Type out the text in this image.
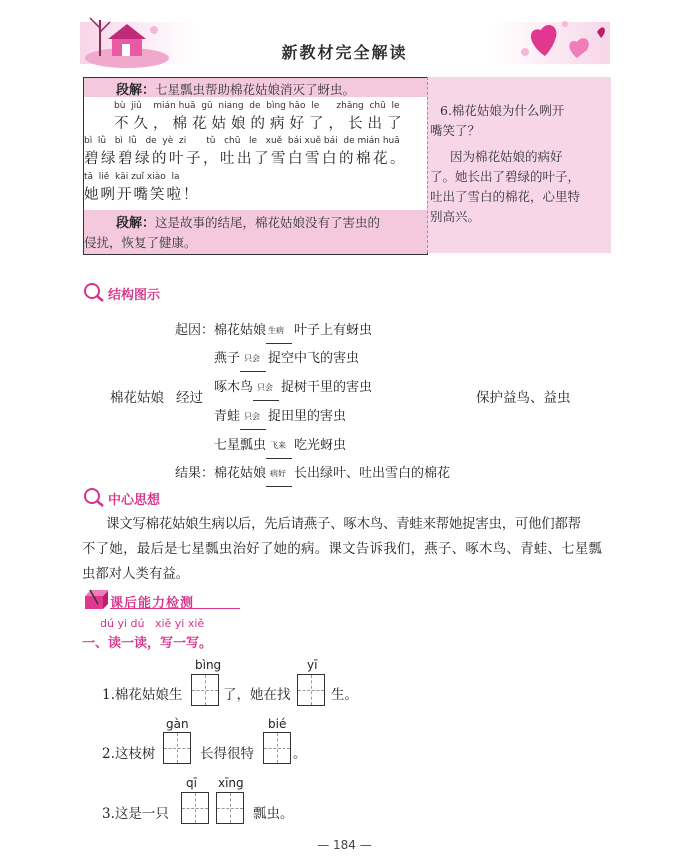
新教材完全解读
段解：七星瓢虫帮助棉花姑娘消灭了蚜虫。
bù  jiǔ    mián huā  gū  niang  de  bìng hǎo  le      zhǎng  chū  le
不久，棉花姑娘的病好了，长出了
bì  lǜ   bì  lǜ   de  yè  zi       tǔ   chū   le   xuě  bái xuě bái  de mián huā
碧绿碧绿的叶子，吐出了雪白雪白的棉花。
tā  liě  kāi zuǐ xiào  la
她咧开嘴笑啦！
段解：这是故事的结尾，棉花姑娘没有了害虫的
侵扰，恢复了健康。
6.棉花姑娘为什么咧开
嘴笑了？
因为棉花姑娘的病好
了。她长出了碧绿的叶子，
吐出了雪白的棉花，心里特
别高兴。
结构图示
棉花姑娘 经过	保护益鸟、益虫
起因：棉花姑娘 生病 叶子上有蚜虫
燕子 只会 捉空中飞的害虫
啄木鸟 只会 捉树干里的害虫
青蛙 只会 捉田里的害虫
七星瓢虫 飞来 吃光蚜虫
结果：棉花姑娘 病好 长出绿叶、吐出雪白的棉花
中心思想
课文写棉花姑娘生病以后，先后请燕子、啄木鸟、青蛙来帮她捉害虫，可他们都帮
不了她，最后是七星瓢虫治好了她的病。课文告诉我们，燕子、啄木鸟、青蛙、七星瓢
虫都对人类有益。
课后能力检测
dú yi dú   xiě yi xiě
一、读一读，写一写。
1.棉花姑娘生
bìng
了，她在找
yī
生。
2.这枝树
gàn
长得很特
bié
。
3.这是一只
qī xīng
瓢虫。
— 184 —
